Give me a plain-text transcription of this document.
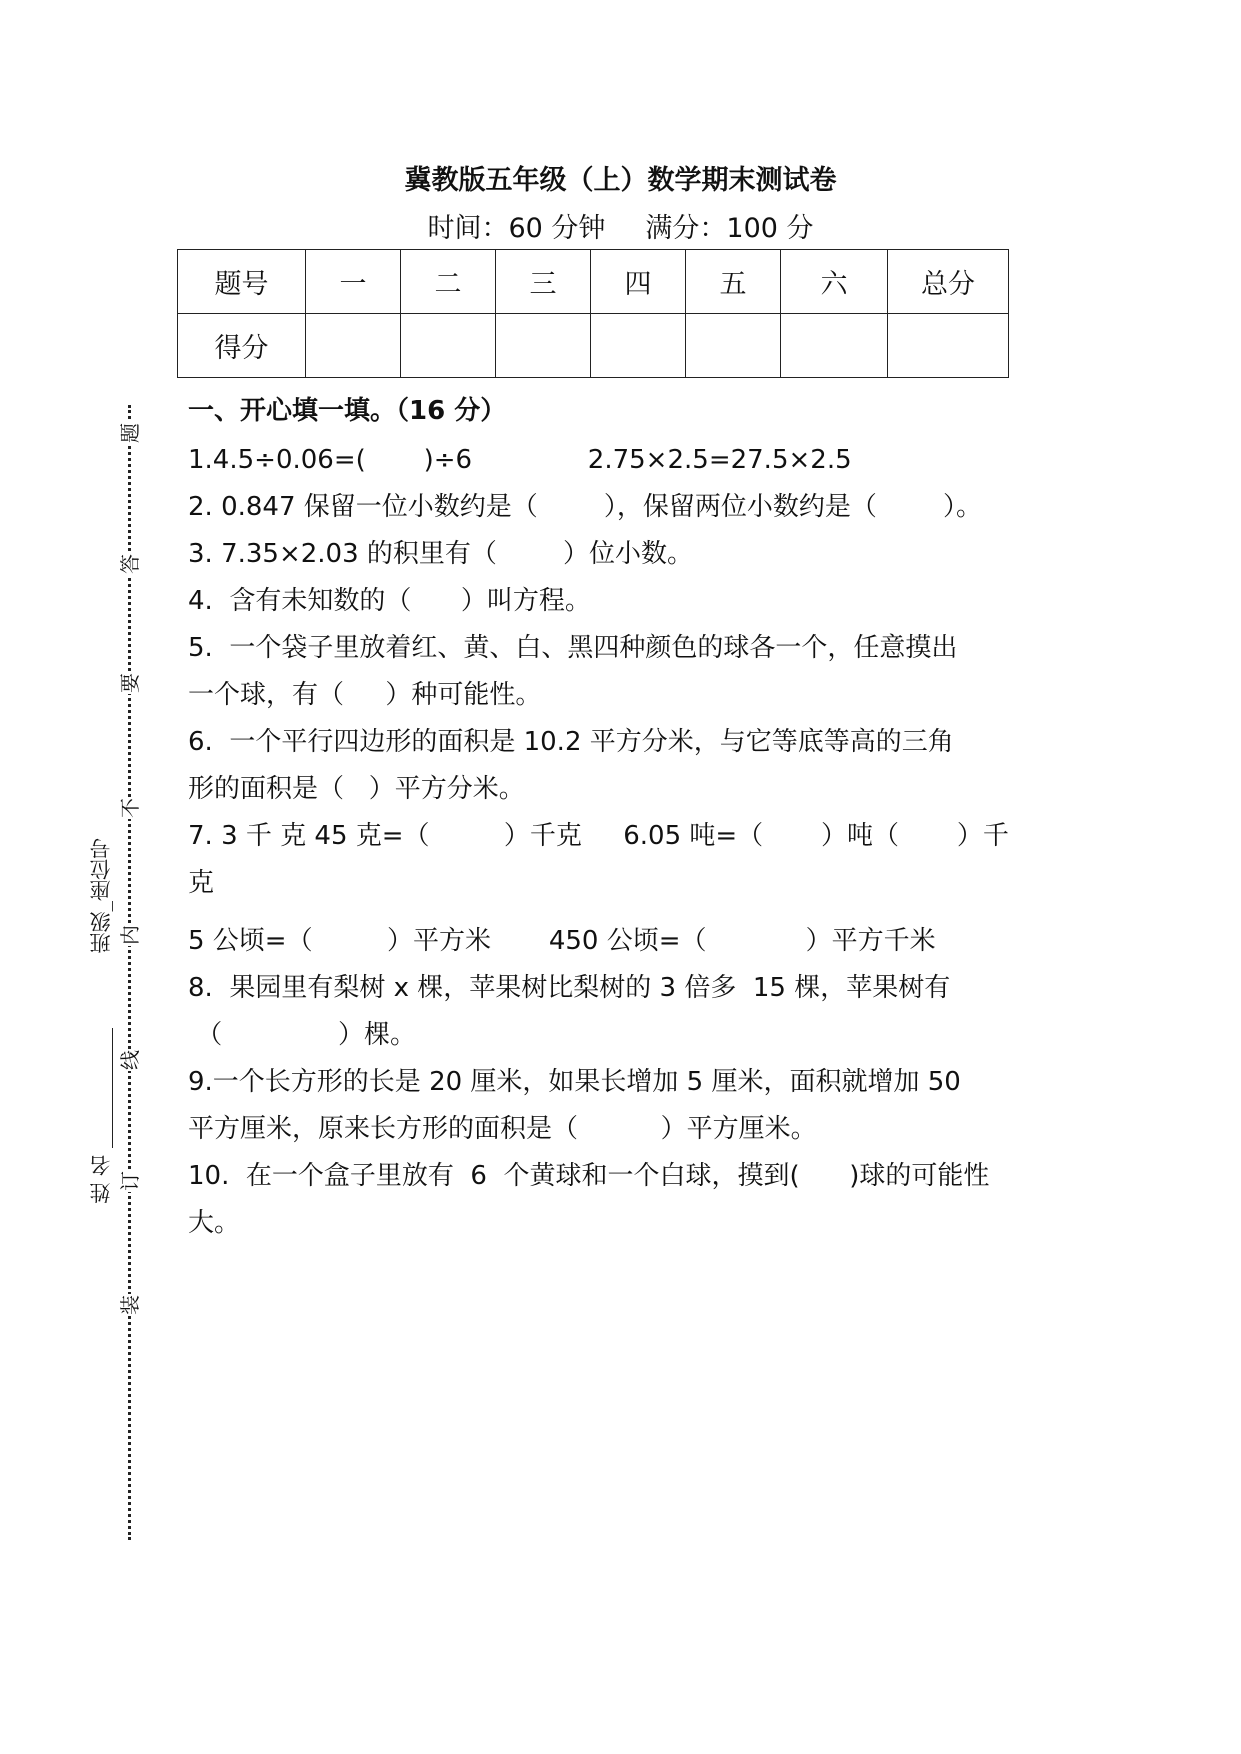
冀教版五年级（上）数学期末测试卷
时间：60 分钟 满分：100 分
题号	一	二	三	四	五	六	总分
得分							
一、开心填一填。（16 分）
1.4.5÷0.06=(       )÷6              2.75×2.5=27.5×2.5
2. 0.847 保留一位小数约是（        ），保留两位小数约是（        ）。
3. 7.35×2.03 的积里有（        ）位小数。
4.  含有未知数的（      ）叫方程。
5.  一个袋子里放着红、黄、白、黑四种颜色的球各一个，任意摸出
一个球，有（     ）种可能性。
6.  一个平行四边形的面积是 10.2 平方分米，与它等底等高的三角
形的面积是（   ）平方分米。
7. 3 千 克 45 克=（         ）千克     6.05 吨=（       ）吨（       ）千
克
5 公顷=（         ）平方米       450 公顷=（            ）平方千米
8.  果园里有梨树 x 棵，苹果树比梨树的 3 倍多  15 棵，苹果树有
（              ）棵。
9.一个长方形的长是 20 厘米，如果长增加 5 厘米，面积就增加 50
平方厘米，原来长方形的面积是（          ）平方厘米。
10.  在一个盒子里放有  6  个黄球和一个白球，摸到(      )球的可能性
大。
题
答
要
不
内
线
订
装
班级_座位号
姓 名
